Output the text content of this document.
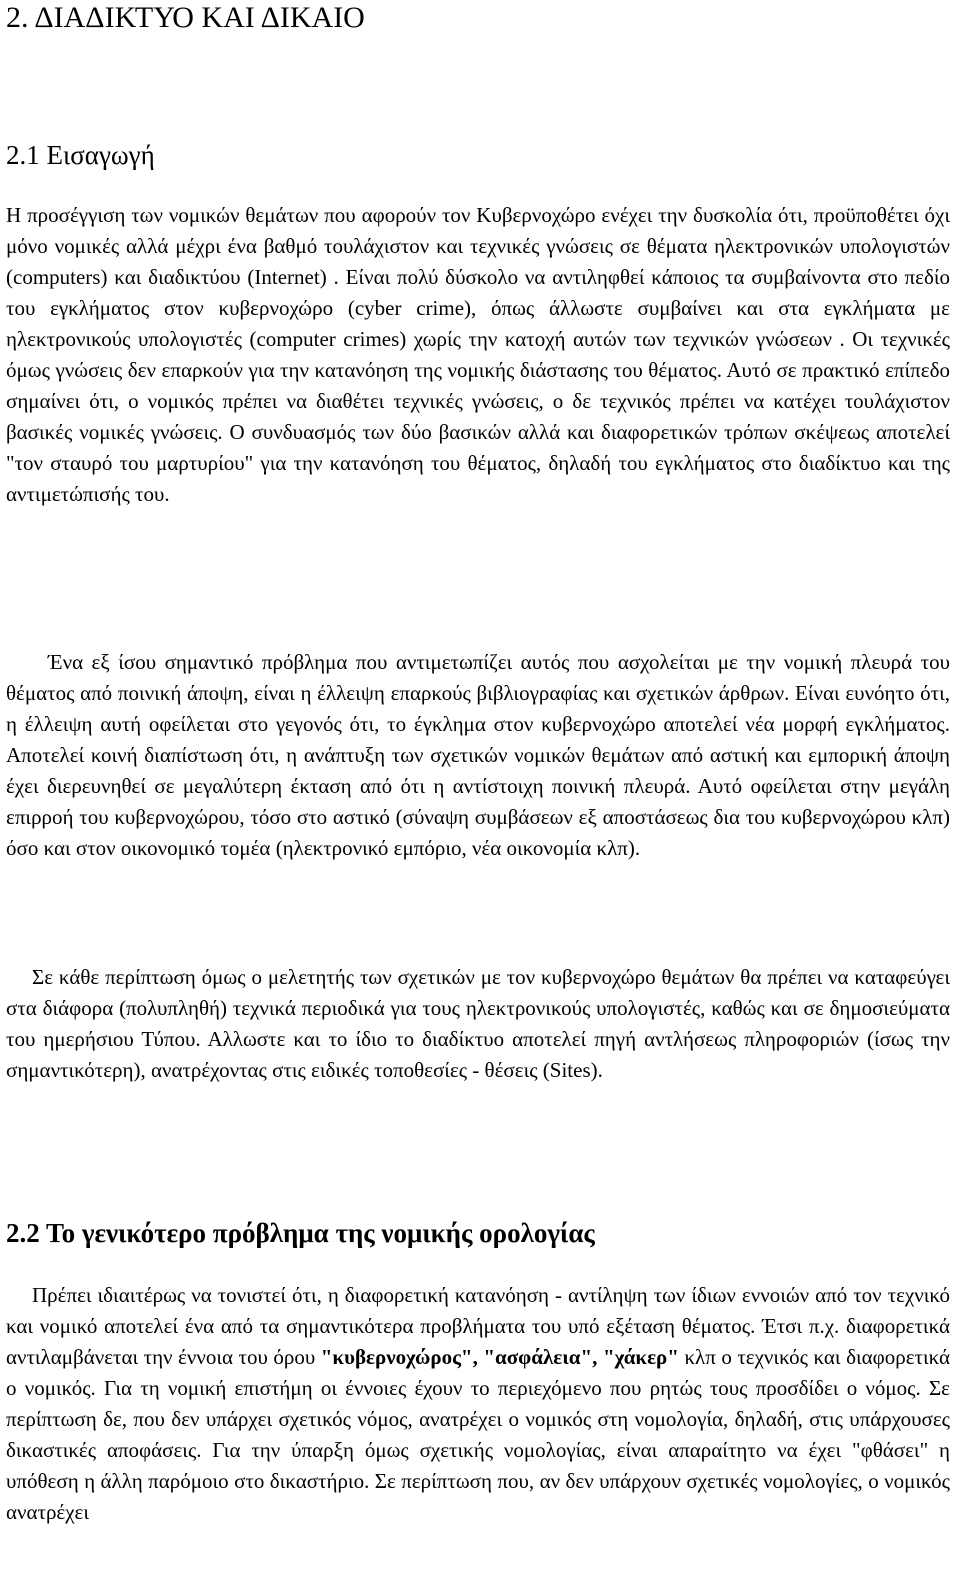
2. ΔΙΑΔΙΚΤΥΟ ΚΑΙ ΔΙΚΑΙΟ
2.1 Εισαγωγή

Η προσέγγιση των νομικών θεμάτων που αφορούν τον Κυβερνοχώρο ενέχει την δυσκολία ότι, προϋποθέτει όχι μόνο νομικές αλλά μέχρι ένα βαθμό τουλάχιστον και τεχνικές γνώσεις σε θέματα ηλεκτρονικών υπολογιστών (computers) και διαδικτύου (Internet) . Είναι πολύ δύσκολο να αντιληφθεί κάποιος τα συμβαίνοντα στο πεδίο του εγκλήματος στον κυβερνοχώρο (cyber crime), όπως άλλωστε συμβαίνει και στα εγκλήματα με ηλεκτρονικούς υπολογιστές (computer crimes) χωρίς την κατοχή αυτών των τεχνικών γνώσεων . Οι τεχνικές όμως γνώσεις δεν επαρκούν για την κατανόηση της νομικής διάστασης του θέματος. Αυτό σε πρακτικό επίπεδο σημαίνει ότι, ο νομικός πρέπει να διαθέτει τεχνικές γνώσεις, ο δε τεχνικός πρέπει να κατέχει τουλάχιστον βασικές νομικές γνώσεις. Ο συνδυασμός των δύο βασικών αλλά και διαφορετικών τρόπων σκέψεως αποτελεί "τον σταυρό του μαρτυρίου" για την κατανόηση του θέματος, δηλαδή του εγκλήματος στο διαδίκτυο και της αντιμετώπισής του.

Ένα εξ ίσου σημαντικό πρόβλημα που αντιμετωπίζει αυτός που ασχολείται με την νομική πλευρά του θέματος από ποινική άποψη, είναι η έλλειψη επαρκούς βιβλιογραφίας και σχετικών άρθρων. Είναι ευνόητο ότι, η έλλειψη αυτή οφείλεται στο γεγονός ότι, το έγκλημα στον κυβερνοχώρο αποτελεί νέα μορφή εγκλήματος. Αποτελεί κοινή διαπίστωση ότι, η ανάπτυξη των σχετικών νομικών θεμάτων από αστική και εμπορική άποψη έχει διερευνηθεί σε μεγαλύτερη έκταση από ότι η αντίστοιχη ποινική πλευρά. Αυτό οφείλεται στην μεγάλη επιρροή του κυβερνοχώρου, τόσο στο αστικό (σύναψη συμβάσεων εξ αποστάσεως δια του κυβερνοχώρου κλπ) όσο και στον οικονομικό τομέα (ηλεκτρονικό εμπόριο, νέα οικονομία κλπ).

Σε κάθε περίπτωση όμως ο μελετητής των σχετικών με τον κυβερνοχώρο θεμάτων θα πρέπει να καταφεύγει στα διάφορα (πολυπληθή) τεχνικά περιοδικά για τους ηλεκτρονικούς υπολογιστές, καθώς και σε δημοσιεύματα του ημερήσιου Τύπου. Αλλωστε και το ίδιο το διαδίκτυο αποτελεί πηγή αντλήσεως πληροφοριών (ίσως την σημαντικότερη), ανατρέχοντας στις ειδικές τοποθεσίες - θέσεις (Sites).

2.2 Το γενικότερο πρόβλημα της νομικής ορολογίας

Πρέπει ιδιαιτέρως να τονιστεί ότι, η διαφορετική κατανόηση - αντίληψη των ίδιων εννοιών από τον τεχνικό και νομικό αποτελεί ένα από τα σημαντικότερα προβλήματα του υπό εξέταση θέματος. Έτσι π.χ. διαφορετικά αντιλαμβάνεται την έννοια του όρου "κυβερνοχώρος", "ασφάλεια", "χάκερ" κλπ ο τεχνικός και διαφορετικά ο νομικός. Για τη νομική επιστήμη οι έννοιες έχουν το περιεχόμενο που ρητώς τους προσδίδει ο νόμος. Σε περίπτωση δε, που δεν υπάρχει σχετικός νόμος, ανατρέχει ο νομικός στη νομολογία, δηλαδή, στις υπάρχουσες δικαστικές αποφάσεις. Για την ύπαρξη όμως σχετικής νομολογίας, είναι απαραίτητο να έχει "φθάσει" η υπόθεση η άλλη παρόμοιο στο δικαστήριο. Σε περίπτωση που, αν δεν υπάρχουν σχετικές νομολογίες, ο νομικός ανατρέχει
